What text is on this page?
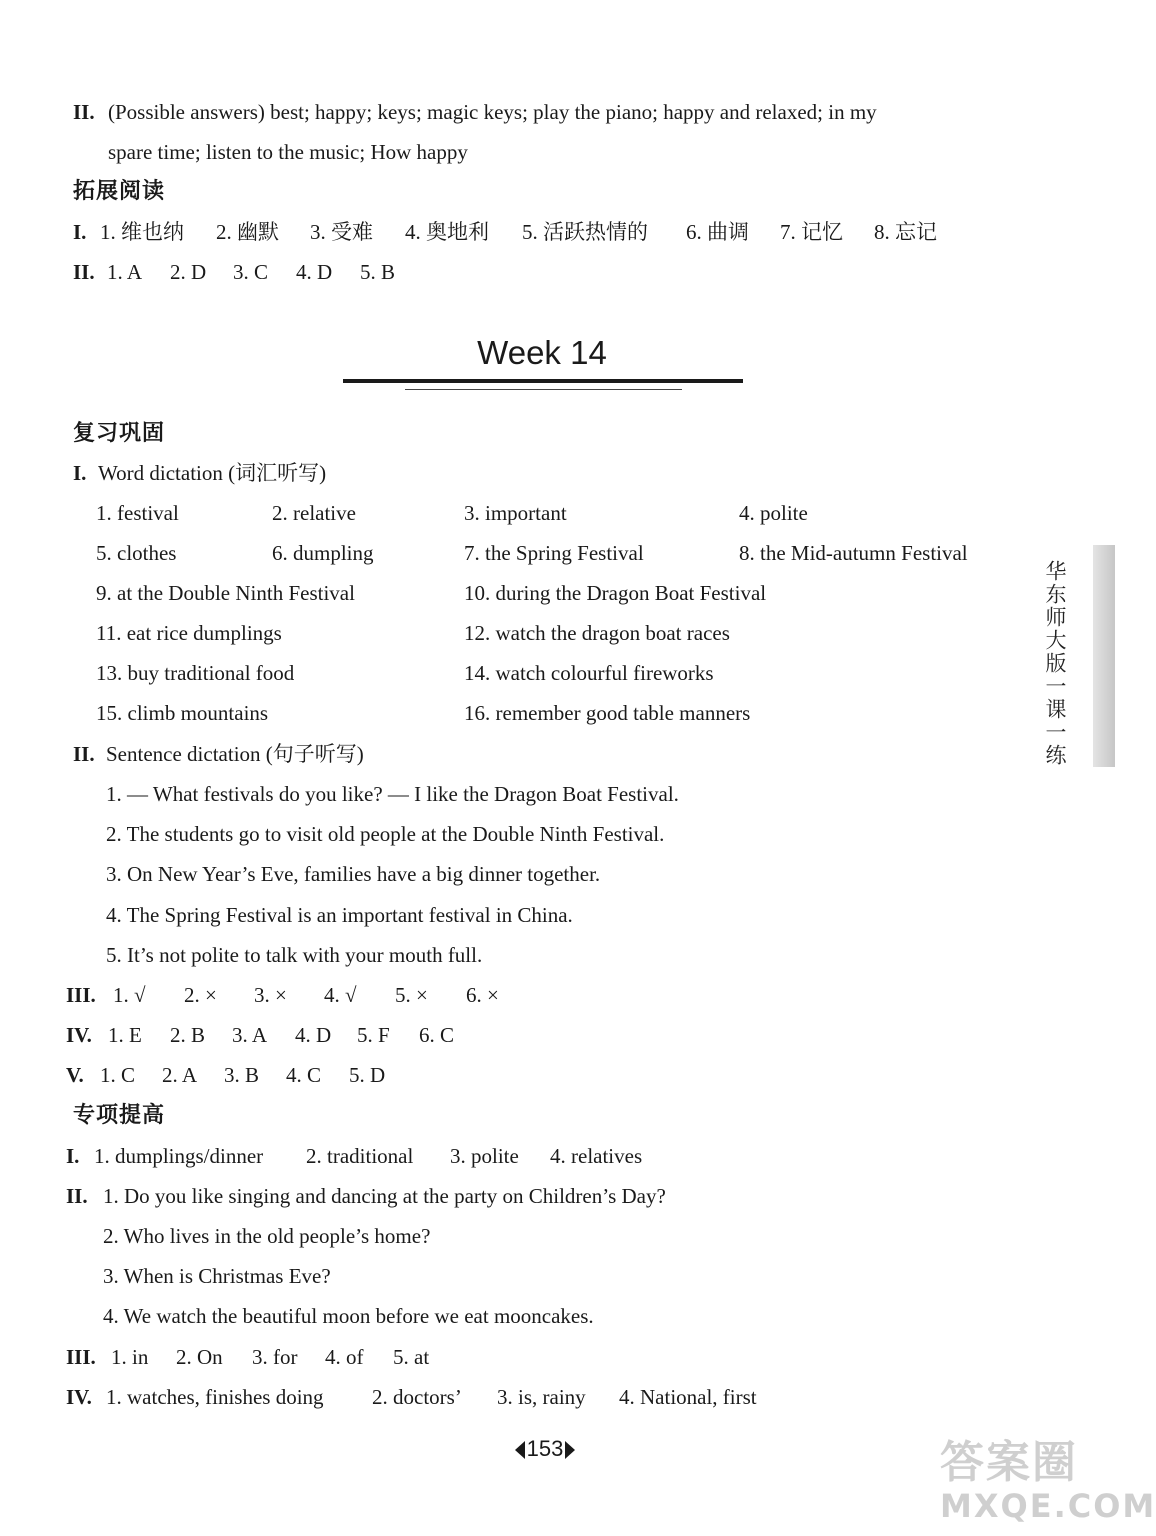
II. (Possible answers) best; happy; keys; magic keys; play the piano; happy and relaxed; in my
spare time; listen to the music; How happy
拓展阅读
I. 1. 维也纳 2. 幽默 3. 受难 4. 奥地利 5. 活跃热情的 6. 曲调 7. 记忆 8. 忘记
II. 1. A 2. D 3. C 4. D 5. B
Week 14
复习巩固
I. Word dictation (词汇听写)
1. festival	2. relative	3. important	4. polite
5. clothes	6. dumpling	7. the Spring Festival	8. the Mid-autumn Festival
9. at the Double Ninth Festival	10. during the Dragon Boat Festival
11. eat rice dumplings	12. watch the dragon boat races
13. buy traditional food	14. watch colourful fireworks
15. climb mountains	16. remember good table manners
II. Sentence dictation (句子听写)
1. — What festivals do you like? — I like the Dragon Boat Festival.
2. The students go to visit old people at the Double Ninth Festival.
3. On New Year’s Eve, families have a big dinner together.
4. The Spring Festival is an important festival in China.
5. It’s not polite to talk with your mouth full.
III. 1. √ 2. × 3. × 4. √ 5. × 6. ×
IV. 1. E 2. B 3. A 4. D 5. F 6. C
V. 1. C 2. A 3. B 4. C 5. D
专项提高
I. 1. dumplings/dinner 2. traditional 3. polite 4. relatives
II. 1. Do you like singing and dancing at the party on Children’s Day?
2. Who lives in the old people’s home?
3. When is Christmas Eve?
4. We watch the beautiful moon before we eat mooncakes.
III. 1. in 2. On 3. for 4. of 5. at
IV. 1. watches, finishes doing 2. doctors’ 3. is, rainy 4. National, first
华东师大版一课一练
153	答案圈
MXQE.COM
